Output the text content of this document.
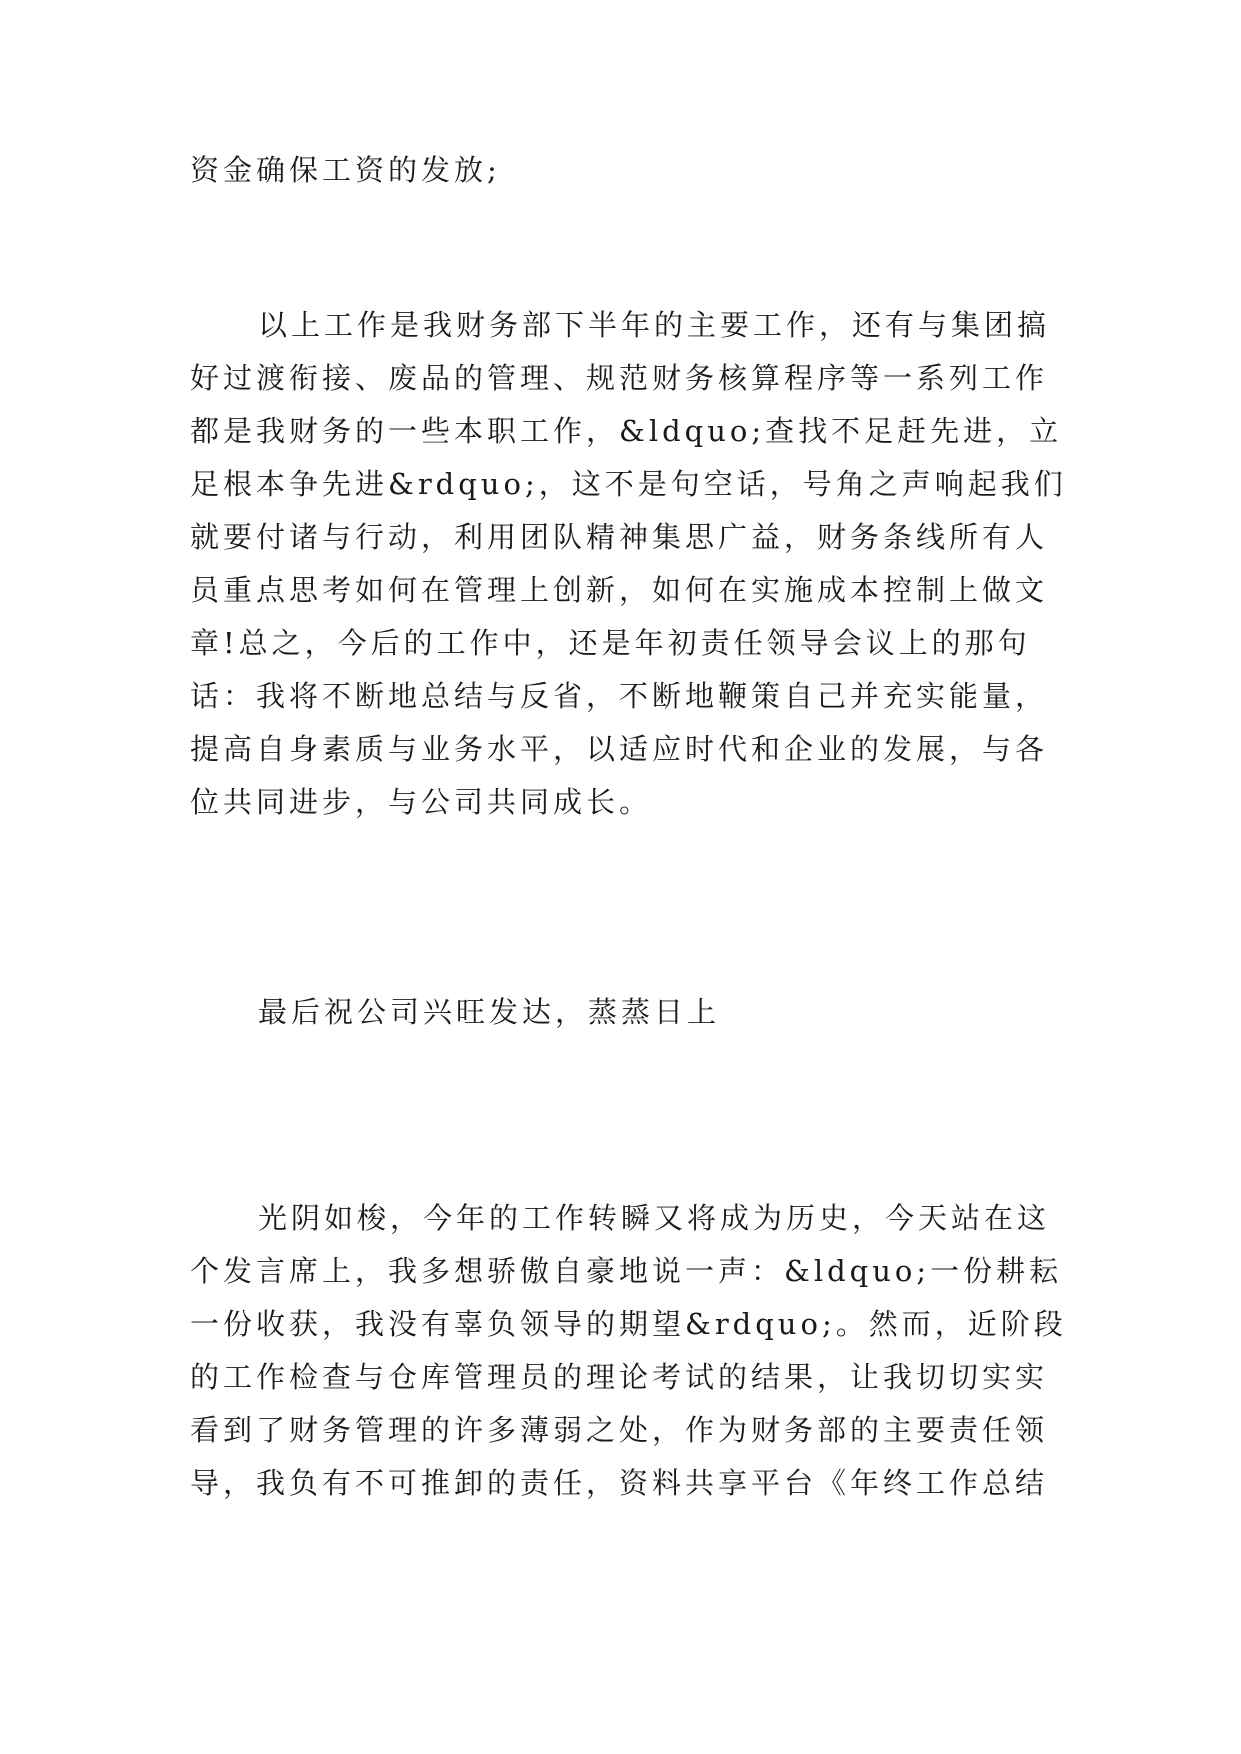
资金确保工资的发放;
以上工作是我财务部下半年的主要工作，还有与集团搞
好过渡衔接、废品的管理、规范财务核算程序等一系列工作
都是我财务的一些本职工作，&ldquo;查找不足赶先进，立
足根本争先进&rdquo;，这不是句空话，号角之声响起我们
就要付诸与行动，利用团队精神集思广益，财务条线所有人
员重点思考如何在管理上创新，如何在实施成本控制上做文
章!总之，今后的工作中，还是年初责任领导会议上的那句
话：我将不断地总结与反省，不断地鞭策自己并充实能量，
提高自身素质与业务水平，以适应时代和企业的发展，与各
位共同进步，与公司共同成长。
最后祝公司兴旺发达，蒸蒸日上
光阴如梭，今年的工作转瞬又将成为历史，今天站在这
个发言席上，我多想骄傲自豪地说一声：&ldquo;一份耕耘
一份收获，我没有辜负领导的期望&rdquo;。然而，近阶段
的工作检查与仓库管理员的理论考试的结果，让我切切实实
看到了财务管理的许多薄弱之处，作为财务部的主要责任领
导，我负有不可推卸的责任，资料共享平台《年终工作总结
